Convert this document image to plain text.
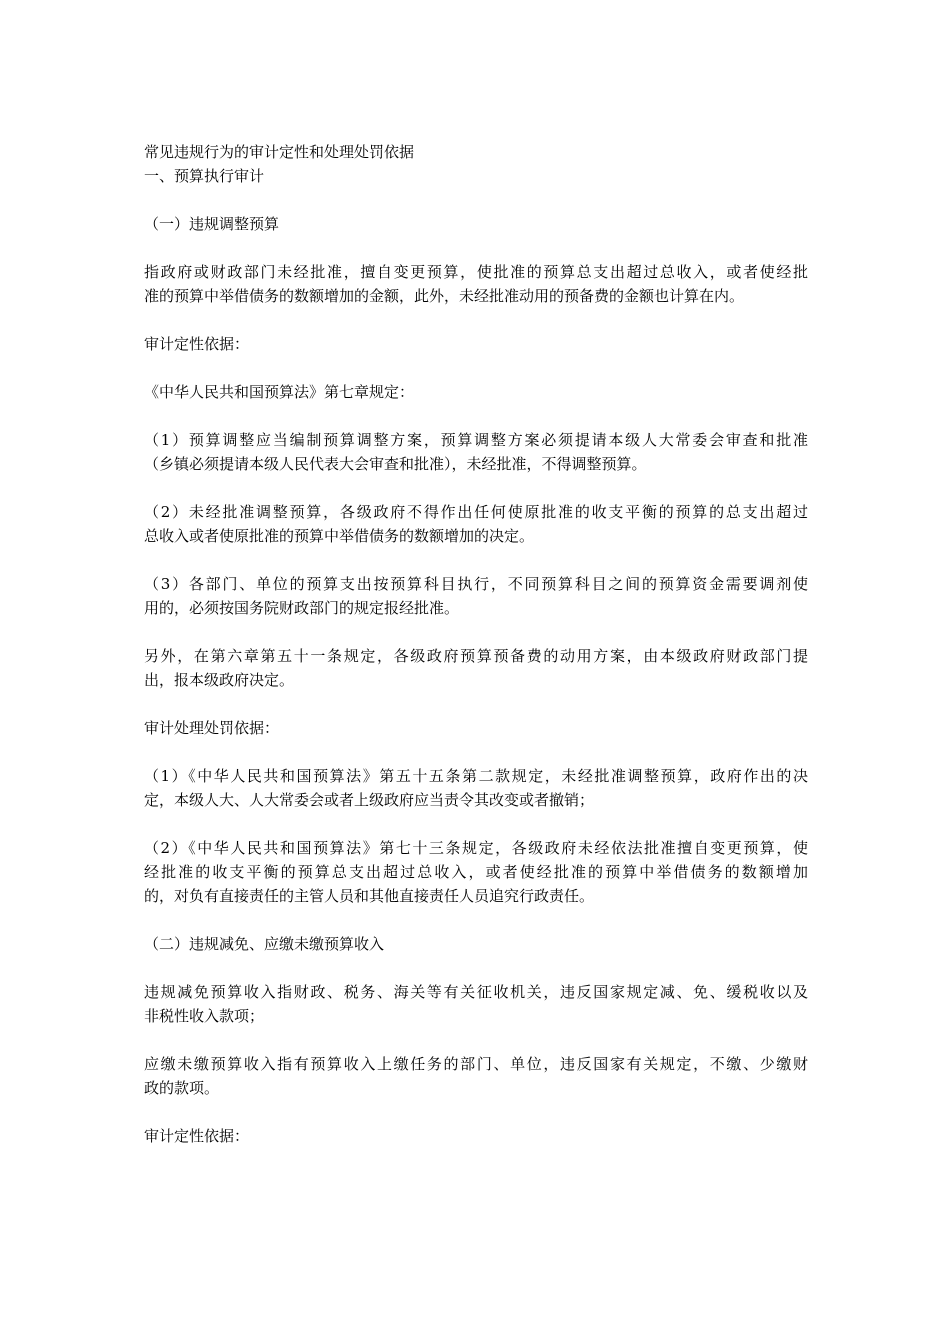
常见违规行为的审计定性和处理处罚依据
一、预算执行审计
（一）违规调整预算
指政府或财政部门未经批准，擅自变更预算，使批准的预算总支出超过总收入，或者使经批
准的预算中举借债务的数额增加的金额，此外，未经批准动用的预备费的金额也计算在内。
审计定性依据：
《中华人民共和国预算法》第七章规定：
（1）预算调整应当编制预算调整方案，预算调整方案必须提请本级人大常委会审查和批准
（乡镇必须提请本级人民代表大会审查和批准），未经批准，不得调整预算。
（2）未经批准调整预算，各级政府不得作出任何使原批准的收支平衡的预算的总支出超过
总收入或者使原批准的预算中举借债务的数额增加的决定。
（3）各部门、单位的预算支出按预算科目执行，不同预算科目之间的预算资金需要调剂使
用的，必须按国务院财政部门的规定报经批准。
另外，在第六章第五十一条规定，各级政府预算预备费的动用方案，由本级政府财政部门提
出，报本级政府决定。
审计处理处罚依据：
（1）《中华人民共和国预算法》第五十五条第二款规定，未经批准调整预算，政府作出的决
定，本级人大、人大常委会或者上级政府应当责令其改变或者撤销；
（2）《中华人民共和国预算法》第七十三条规定，各级政府未经依法批准擅自变更预算，使
经批准的收支平衡的预算总支出超过总收入，或者使经批准的预算中举借债务的数额增加
的，对负有直接责任的主管人员和其他直接责任人员追究行政责任。
（二）违规减免、应缴未缴预算收入
违规减免预算收入指财政、税务、海关等有关征收机关，违反国家规定减、免、缓税收以及
非税性收入款项；
应缴未缴预算收入指有预算收入上缴任务的部门、单位，违反国家有关规定，不缴、少缴财
政的款项。
审计定性依据：
